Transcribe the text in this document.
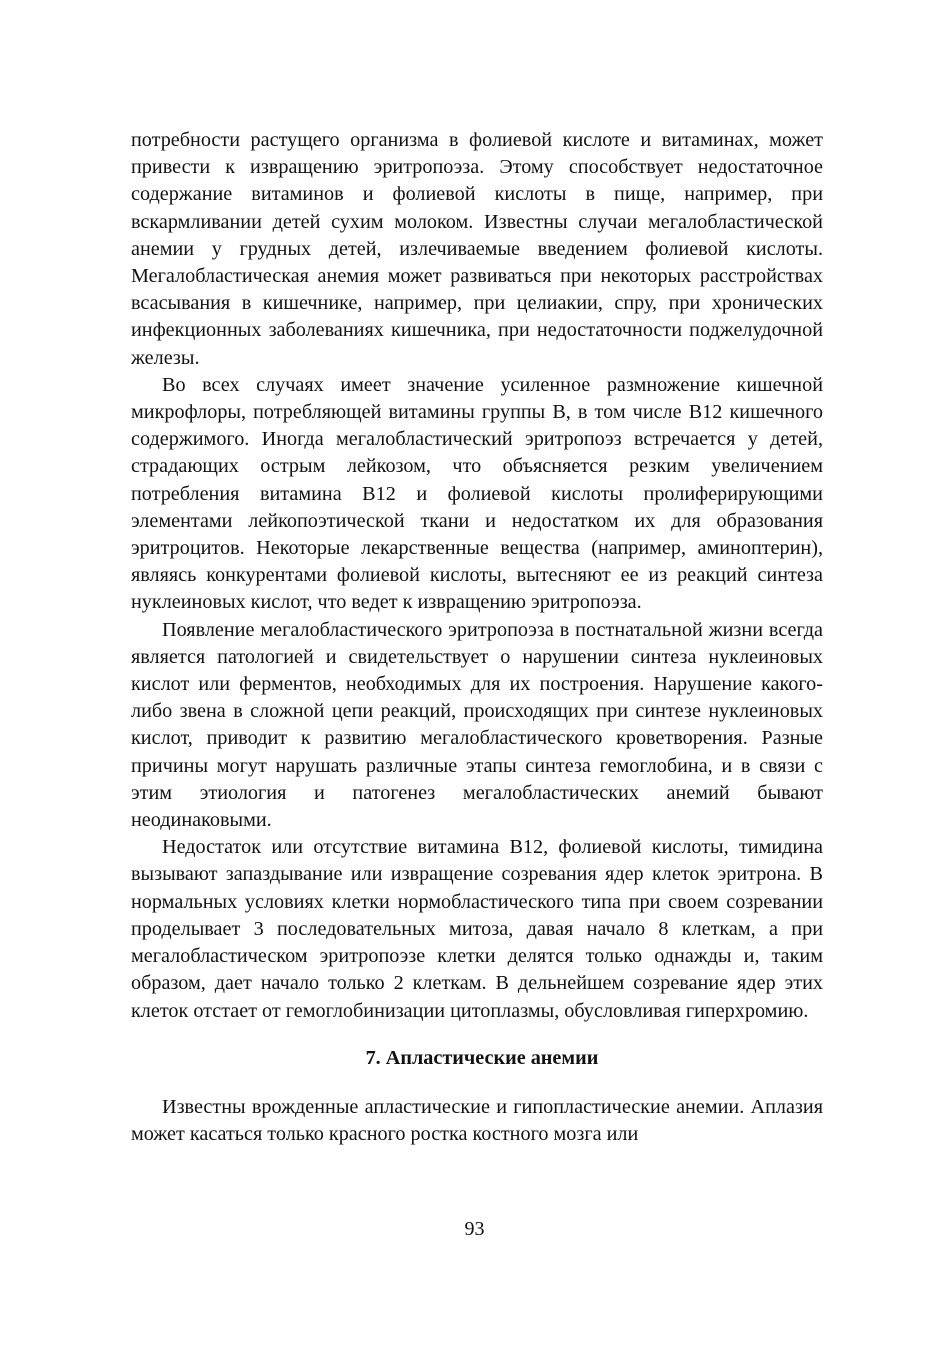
потребности растущего организма в фолиевой кислоте и витаминах, может привести к извращению эритропоэза. Этому способствует недостаточное содержание витаминов и фолиевой кислоты в пище, например, при вскармливании детей сухим молоком. Известны случаи мегалобластической анемии у грудных детей, излечиваемые введением фолиевой кислоты. Мегалобластическая анемия может развиваться при некоторых расстройствах всасывания в кишечнике, например, при целиакии, спру, при хронических инфекционных заболеваниях кишечника, при недостаточности поджелудочной железы.

Во всех случаях имеет значение усиленное размножение кишечной микрофлоры, потребляющей витамины группы В, в том числе В12 кишечного содержимого. Иногда мегалобластический эритропоэз встречается у детей, страдающих острым лейкозом, что объясняется резким увеличением потребления витамина В12 и фолиевой кислоты пролиферирующими элементами лейкопоэтической ткани и недостатком их для образования эритроцитов. Некоторые лекарственные вещества (например, аминоптерин), являясь конкурентами фолиевой кислоты, вытесняют ее из реакций синтеза нуклеиновых кислот, что ведет к извращению эритропоэза.

Появление мегалобластического эритропоэза в постнатальной жизни всегда является патологией и свидетельствует о нарушении синтеза нуклеиновых кислот или ферментов, необходимых для их построения. Нарушение какого-либо звена в сложной цепи реакций, происходящих при синтезе нуклеиновых кислот, приводит к развитию мегалобластического кроветворения. Разные причины могут нарушать различные этапы синтеза гемоглобина, и в связи с этим этиология и патогенез мегалобластических анемий бывают неодинаковыми.

Недостаток или отсутствие витамина В12, фолиевой кислоты, тимидина вызывают запаздывание или извращение созревания ядер клеток эритрона. В нормальных условиях клетки нормобластического типа при своем созревании проделывает 3 последовательных митоза, давая начало 8 клеткам, а при мегалобластическом эритропоэзе клетки делятся только однажды и, таким образом, дает начало только 2 клеткам. В дельнейшем созревание ядер этих клеток отстает от гемоглобинизации цитоплазмы, обусловливая гиперхромию.

7. Апластические анемии

Известны врожденные апластические и гипопластические анемии. Аплазия может касаться только красного ростка костного мозга или

93
